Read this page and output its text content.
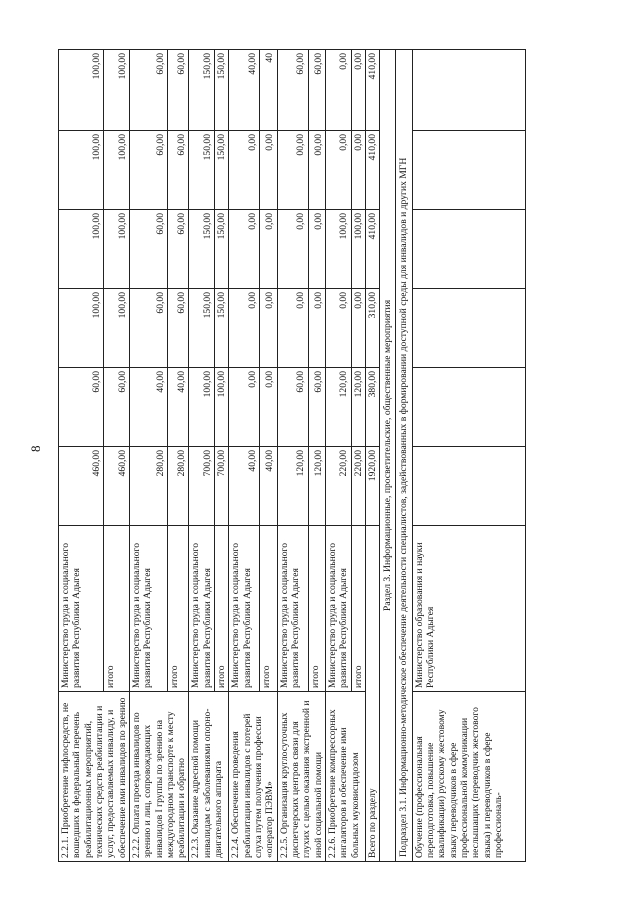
8
2.2.1. Приобретение тифлосредств, не вошедших в федеральный перечень реабилитационных мероприятий, технических средств реабилитации и услуг, предоставляемых инвалиду, и обеспечение ими инвалидов по зрению	Министерство труда и социального развития Республики Адыгея	460,00	60,00	100,00	100,00	100,00	100,00
	итого	460,00	60,00	100,00	100,00	100,00	100,00
2.2.2. Оплата проезда инвалидов по зрению и лиц, сопровождающих инвалидов I группы по зрению на междугородном транспорте к месту реабилитации и обратно	Министерство труда и социального развития Республики Адыгея	280,00	40,00	60,00	60,00	60,00	60,00
	итого	280,00	40,00	60,00	60,00	60,00	60,00
2.2.3. Оказание адресной помощи инвалидам с заболеваниями опорно-двигательного аппарата	Министерство труда и социального развития Республики Адыгея	700,00	100,00	150,00	150,00	150,00	150,00
	итого	700,00	100,00	150,00	150,00	150,00	150,00
2.2.4. Обеспечение проведения реабилитации инвалидов с потерей слуха путем получения профессии «оператор ПЭВМ»	Министерство труда и социального развития Республики Адыгея	40,00	0,00	0,00	0,00	0,00	40,00
	итого	40,00	0,00	0,00	0,00	0,00	40
2.2.5. Организация круглосуточных диспетчерских центров связи для глухих с целью оказания экстренной и иной социальной помощи	Министерство труда и социального развития Республики Адыгея	120,00	60,00	0,00	0,00	00,00	60,00
	итого	120,00	60,00	0,00	0,00	00,00	60,00
2.2.6. Приобретение компрессорных ингаляторов и обеспечение ими больных муковисцидозом	Министерство труда и социального развития Республики Адыгея	220,00	120,00	0,00	100,00	0,00	0,00
	итого	220,00	120,00	0,00	100,00	0,00	0,00
Всего по разделу		1920,00	380,00	310,00	410,00	410,00	410,00
Раздел 3. Информационные, просветительские, общественные мероприятия							
Подраздел 3.1. Информационно-методическое обеспечение деятельности специалистов, задействованных в формировании доступной среды для инвалидов и других МГН							
Обучение (профессиональная переподготовка, повышение квалификации) русскому жестовому языку переводчиков в сфере профессиональной коммуникации неслышащих (переводчик жестового языка) и переводчиков в сфере профессиональ-	Министерство образования и науки Республики Адыгея						
